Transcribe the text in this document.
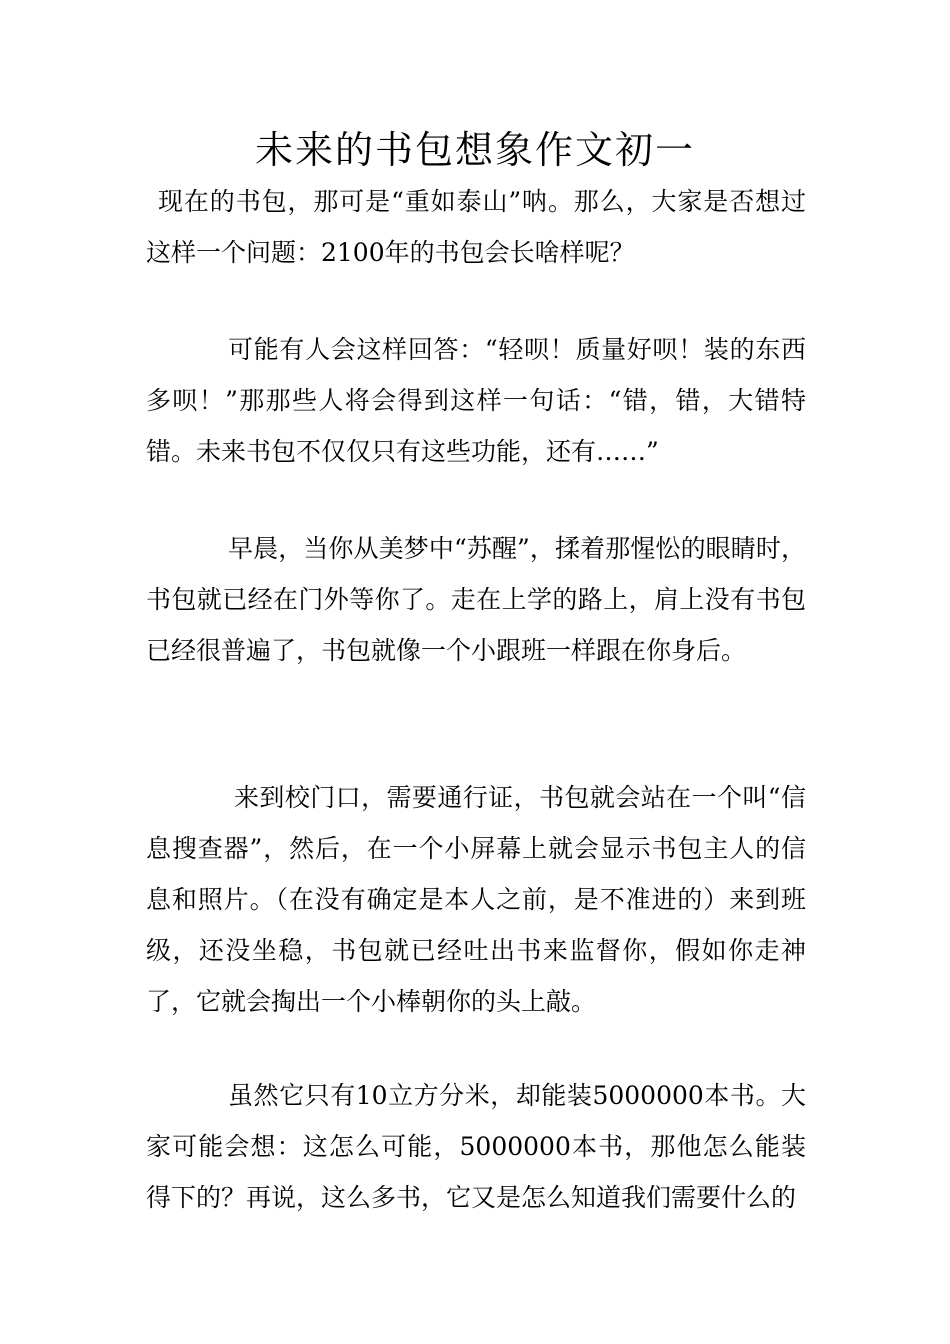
未来的书包想象作文初一

现在的书包，那可是“重如泰山”呐。那么，大家是否想过这样一个问题：2100年的书包会长啥样呢？

可能有人会这样回答：“轻呗！质量好呗！装的东西多呗！”那那些人将会得到这样一句话：“错，错，大错特错。未来书包不仅仅只有这些功能，还有……”

早晨，当你从美梦中“苏醒”，揉着那惺忪的眼睛时，书包就已经在门外等你了。走在上学的路上，肩上没有书包已经很普遍了，书包就像一个小跟班一样跟在你身后。

来到校门口，需要通行证，书包就会站在一个叫“信息搜查器”，然后，在一个小屏幕上就会显示书包主人的信息和照片。（在没有确定是本人之前，是不准进的）来到班级，还没坐稳，书包就已经吐出书来监督你，假如你走神了，它就会掏出一个小棒朝你的头上敲。

虽然它只有10立方分米，却能装5000000本书。大家可能会想：这怎么可能，5000000本书，那他怎么能装得下的？再说，这么多书，它又是怎么知道我们需要什么的
